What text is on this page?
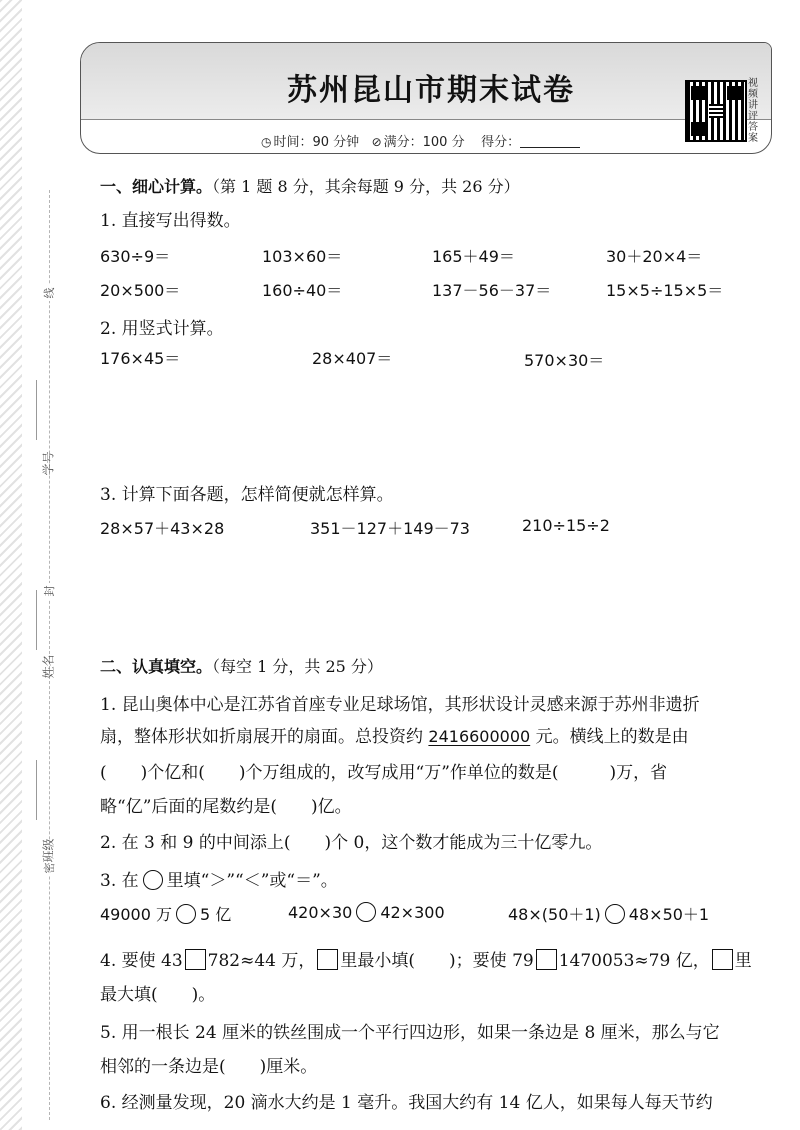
线
封
密
学号
姓名
班级
苏州昆山市期末试卷
◷ 时间：90 分钟 ⊘ 满分：100 分 得分：
视频讲评答案
一、细心计算。（第 1 题 8 分，其余每题 9 分，共 26 分）
1. 直接写出得数。
630÷9＝	103×60＝	165＋49＝	30＋20×4＝
20×500＝	160÷40＝	137－56－37＝	15×5÷15×5＝
2. 用竖式计算。
176×45＝	28×407＝	570×30＝
3. 计算下面各题，怎样简便就怎样算。
28×57＋43×28	351－127＋149－73	210÷15÷2
二、认真填空。（每空 1 分，共 25 分）
1. 昆山奥体中心是江苏省首座专业足球场馆，其形状设计灵感来源于苏州非遗折
扇，整体形状如折扇展开的扇面。总投资约 2416600000 元。横线上的数是由
(　　)个亿和(　　)个万组成的，改写成用“万”作单位的数是(　　　)万，省
略“亿”后面的尾数约是(　　)亿。
2. 在 3 和 9 的中间添上(　　)个 0，这个数才能成为三十亿零九。
3. 在 里填“＞”“＜”或“＝”。
49000 万 5 亿	420×30 42×300	48×(50＋1) 48×50＋1
4. 要使 43 782≈44 万， 里最小填(　　)；要使 79 1470053≈79 亿， 里
最大填(　　)。
5. 用一根长 24 厘米的铁丝围成一个平行四边形，如果一条边是 8 厘米，那么与它
相邻的一条边是(　　)厘米。
6. 经测量发现，20 滴水大约是 1 毫升。我国大约有 14 亿人，如果每人每天节约
